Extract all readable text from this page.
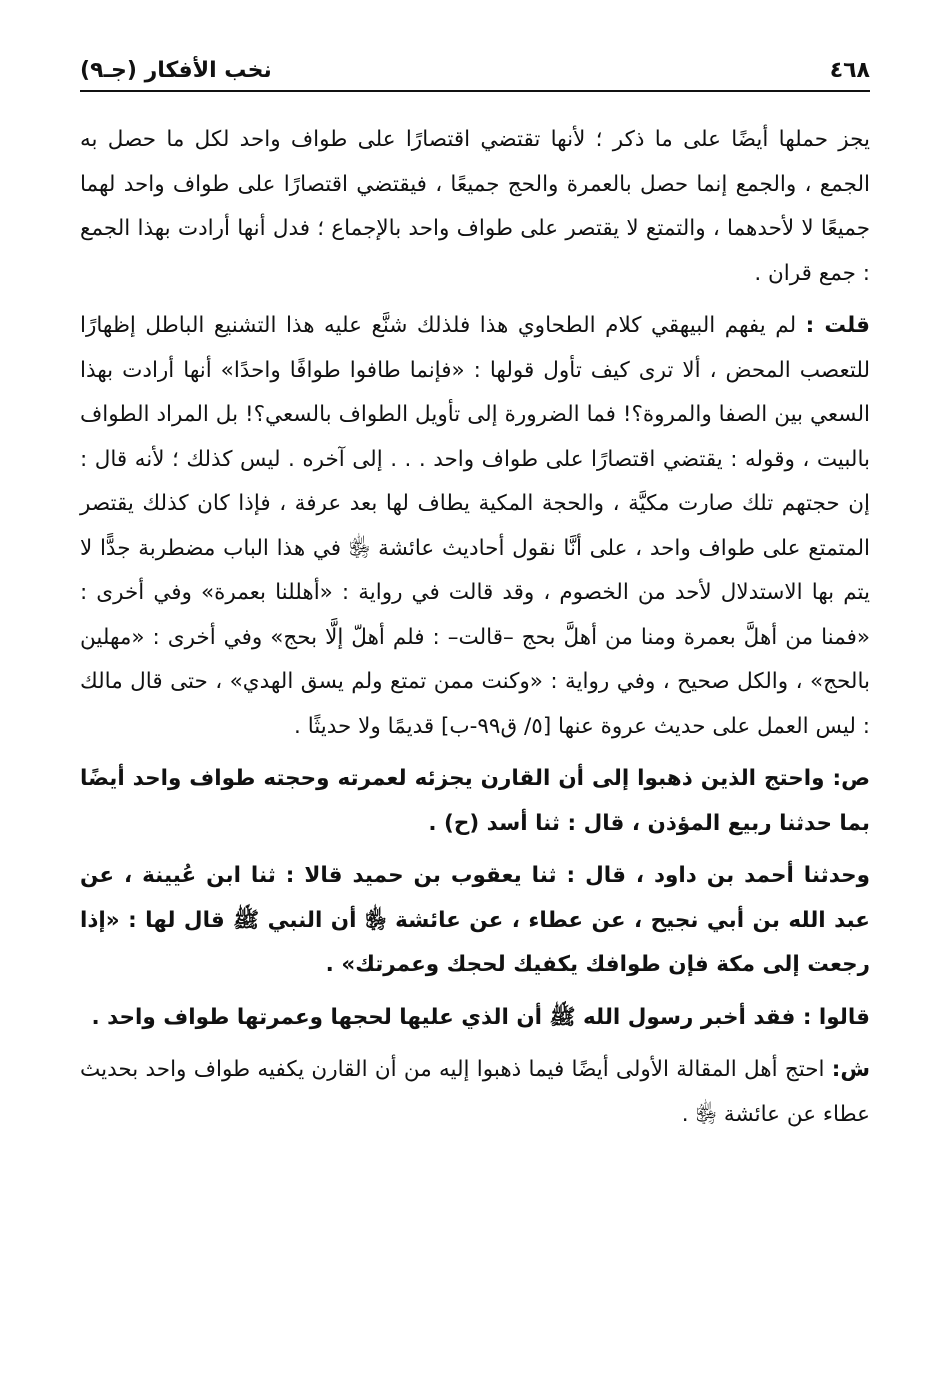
٤٦٨
نخب الأفكار (جـ٩)

يجز حملها أيضًا على ما ذكر ؛ لأنها تقتضي اقتصارًا على طواف واحد لكل ما حصل به الجمع ، والجمع إنما حصل بالعمرة والحج جميعًا ، فيقتضي اقتصارًا على طواف واحد لهما جميعًا لا لأحدهما ، والتمتع لا يقتصر على طواف واحد بالإجماع ؛ فدل أنها أرادت بهذا الجمع : جمع قران .

قلت : لم يفهم البيهقي كلام الطحاوي هذا فلذلك شنَّع عليه هذا التشنيع الباطل إظهارًا للتعصب المحض ، ألا ترى كيف تأول قولها : «فإنما طافوا طوافًا واحدًا» أنها أرادت بهذا السعي بين الصفا والمروة؟! فما الضرورة إلى تأويل الطواف بالسعي؟! بل المراد الطواف بالبيت ، وقوله : يقتضي اقتصارًا على طواف واحد . . . إلى آخره . ليس كذلك ؛ لأنه قال : إن حجتهم تلك صارت مكيَّة ، والحجة المكية يطاف لها بعد عرفة ، فإذا كان كذلك يقتصر المتمتع على طواف واحد ، على أنَّا نقول أحاديث عائشة ﵂ في هذا الباب مضطربة جدًّا لا يتم بها الاستدلال لأحد من الخصوم ، وقد قالت في رواية : «أهللنا بعمرة» وفي أخرى : «فمنا من أهلَّ بعمرة ومنا من أهلَّ بحج –قالت– : فلم أهلّ إلَّا بحج» وفي أخرى : «مهلين بالحج» ، والكل صحيح ، وفي رواية : «وكنت ممن تمتع ولم يسق الهدي» ، حتى قال مالك : ليس العمل على حديث عروة عنها [٥/ ق٩٩-ب] قديمًا ولا حديثًا .

ص: واحتج الذين ذهبوا إلى أن القارن يجزئه لعمرته وحجته طواف واحد أيضًا بما حدثنا ربيع المؤذن ، قال : ثنا أسد (ح) .

وحدثنا أحمد بن داود ، قال : ثنا يعقوب بن حميد قالا : ثنا ابن عُيينة ، عن عبد الله بن أبي نجيح ، عن عطاء ، عن عائشة ﵂ أن النبي ﷺ قال لها : «إذا رجعت إلى مكة فإن طوافك يكفيك لحجك وعمرتك» .

قالوا : فقد أخبر رسول الله ﷺ أن الذي عليها لحجها وعمرتها طواف واحد .

ش: احتج أهل المقالة الأولى أيضًا فيما ذهبوا إليه من أن القارن يكفيه طواف واحد بحديث عطاء عن عائشة ﵂ .
